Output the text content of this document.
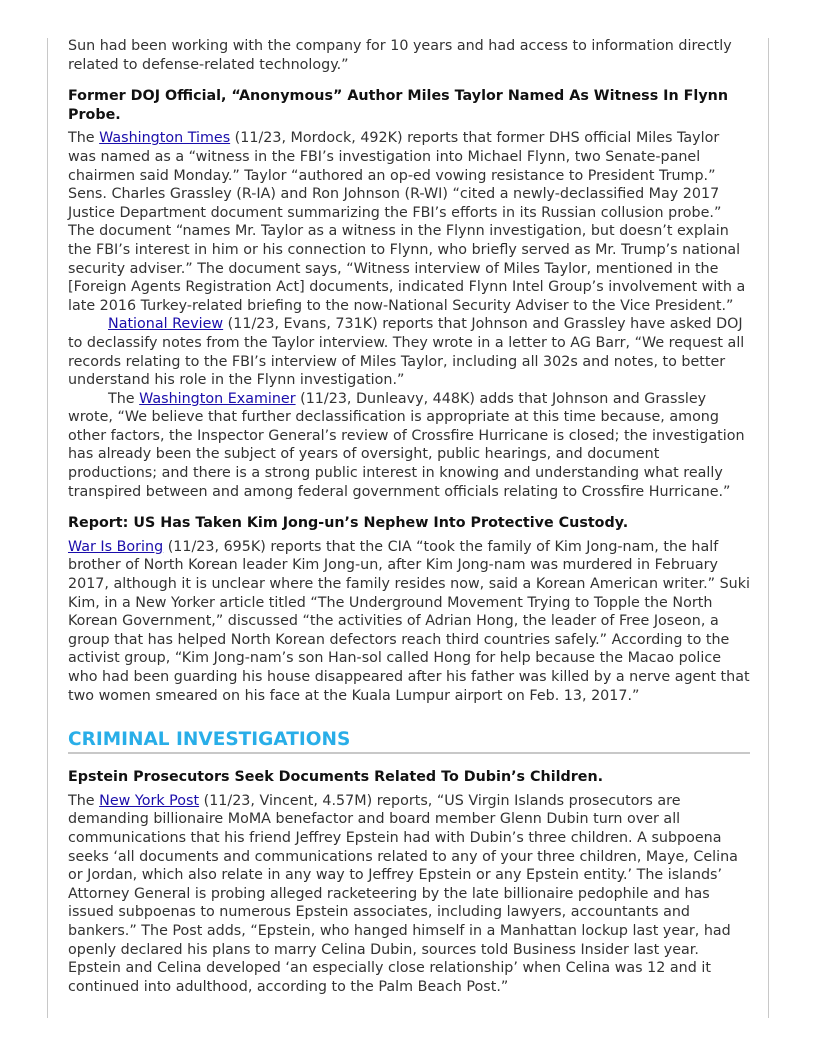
Sun had been working with the company for 10 years and had access to information directly related to defense-related technology.”

Former DOJ Official, “Anonymous” Author Miles Taylor Named As Witness In Flynn Probe.

The Washington Times (11/23, Mordock, 492K) reports that former DHS official Miles Taylor was named as a “witness in the FBI’s investigation into Michael Flynn, two Senate-panel chairmen said Monday.” Taylor “authored an op-ed vowing resistance to President Trump.” Sens. Charles Grassley (R-IA) and Ron Johnson (R-WI) “cited a newly-declassified May 2017 Justice Department document summarizing the FBI’s efforts in its Russian collusion probe.” The document “names Mr. Taylor as a witness in the Flynn investigation, but doesn’t explain the FBI’s interest in him or his connection to Flynn, who briefly served as Mr. Trump’s national security adviser.” The document says, “Witness interview of Miles Taylor, mentioned in the [Foreign Agents Registration Act] documents, indicated Flynn Intel Group’s involvement with a late 2016 Turkey-related briefing to the now-National Security Adviser to the Vice President.”

National Review (11/23, Evans, 731K) reports that Johnson and Grassley have asked DOJ to declassify notes from the Taylor interview. They wrote in a letter to AG Barr, “We request all records relating to the FBI’s interview of Miles Taylor, including all 302s and notes, to better understand his role in the Flynn investigation.”

The Washington Examiner (11/23, Dunleavy, 448K) adds that Johnson and Grassley wrote, “We believe that further declassification is appropriate at this time because, among other factors, the Inspector General’s review of Crossfire Hurricane is closed; the investigation has already been the subject of years of oversight, public hearings, and document productions; and there is a strong public interest in knowing and understanding what really transpired between and among federal government officials relating to Crossfire Hurricane.”

Report: US Has Taken Kim Jong-un’s Nephew Into Protective Custody.

War Is Boring (11/23, 695K) reports that the CIA “took the family of Kim Jong-nam, the half brother of North Korean leader Kim Jong-un, after Kim Jong-nam was murdered in February 2017, although it is unclear where the family resides now, said a Korean American writer.” Suki Kim, in a New Yorker article titled “The Underground Movement Trying to Topple the North Korean Government,” discussed “the activities of Adrian Hong, the leader of Free Joseon, a group that has helped North Korean defectors reach third countries safely.” According to the activist group, “Kim Jong-nam’s son Han-sol called Hong for help because the Macao police who had been guarding his house disappeared after his father was killed by a nerve agent that two women smeared on his face at the Kuala Lumpur airport on Feb. 13, 2017.”

CRIMINAL INVESTIGATIONS
Epstein Prosecutors Seek Documents Related To Dubin’s Children.

The New York Post (11/23, Vincent, 4.57M) reports, “US Virgin Islands prosecutors are demanding billionaire MoMA benefactor and board member Glenn Dubin turn over all communications that his friend Jeffrey Epstein had with Dubin’s three children. A subpoena seeks ‘all documents and communications related to any of your three children, Maye, Celina or Jordan, which also relate in any way to Jeffrey Epstein or any Epstein entity.’ The islands’ Attorney General is probing alleged racketeering by the late billionaire pedophile and has issued subpoenas to numerous Epstein associates, including lawyers, accountants and bankers.” The Post adds, “Epstein, who hanged himself in a Manhattan lockup last year, had openly declared his plans to marry Celina Dubin, sources told Business Insider last year. Epstein and Celina developed ‘an especially close relationship’ when Celina was 12 and it continued into adulthood, according to the Palm Beach Post.”
